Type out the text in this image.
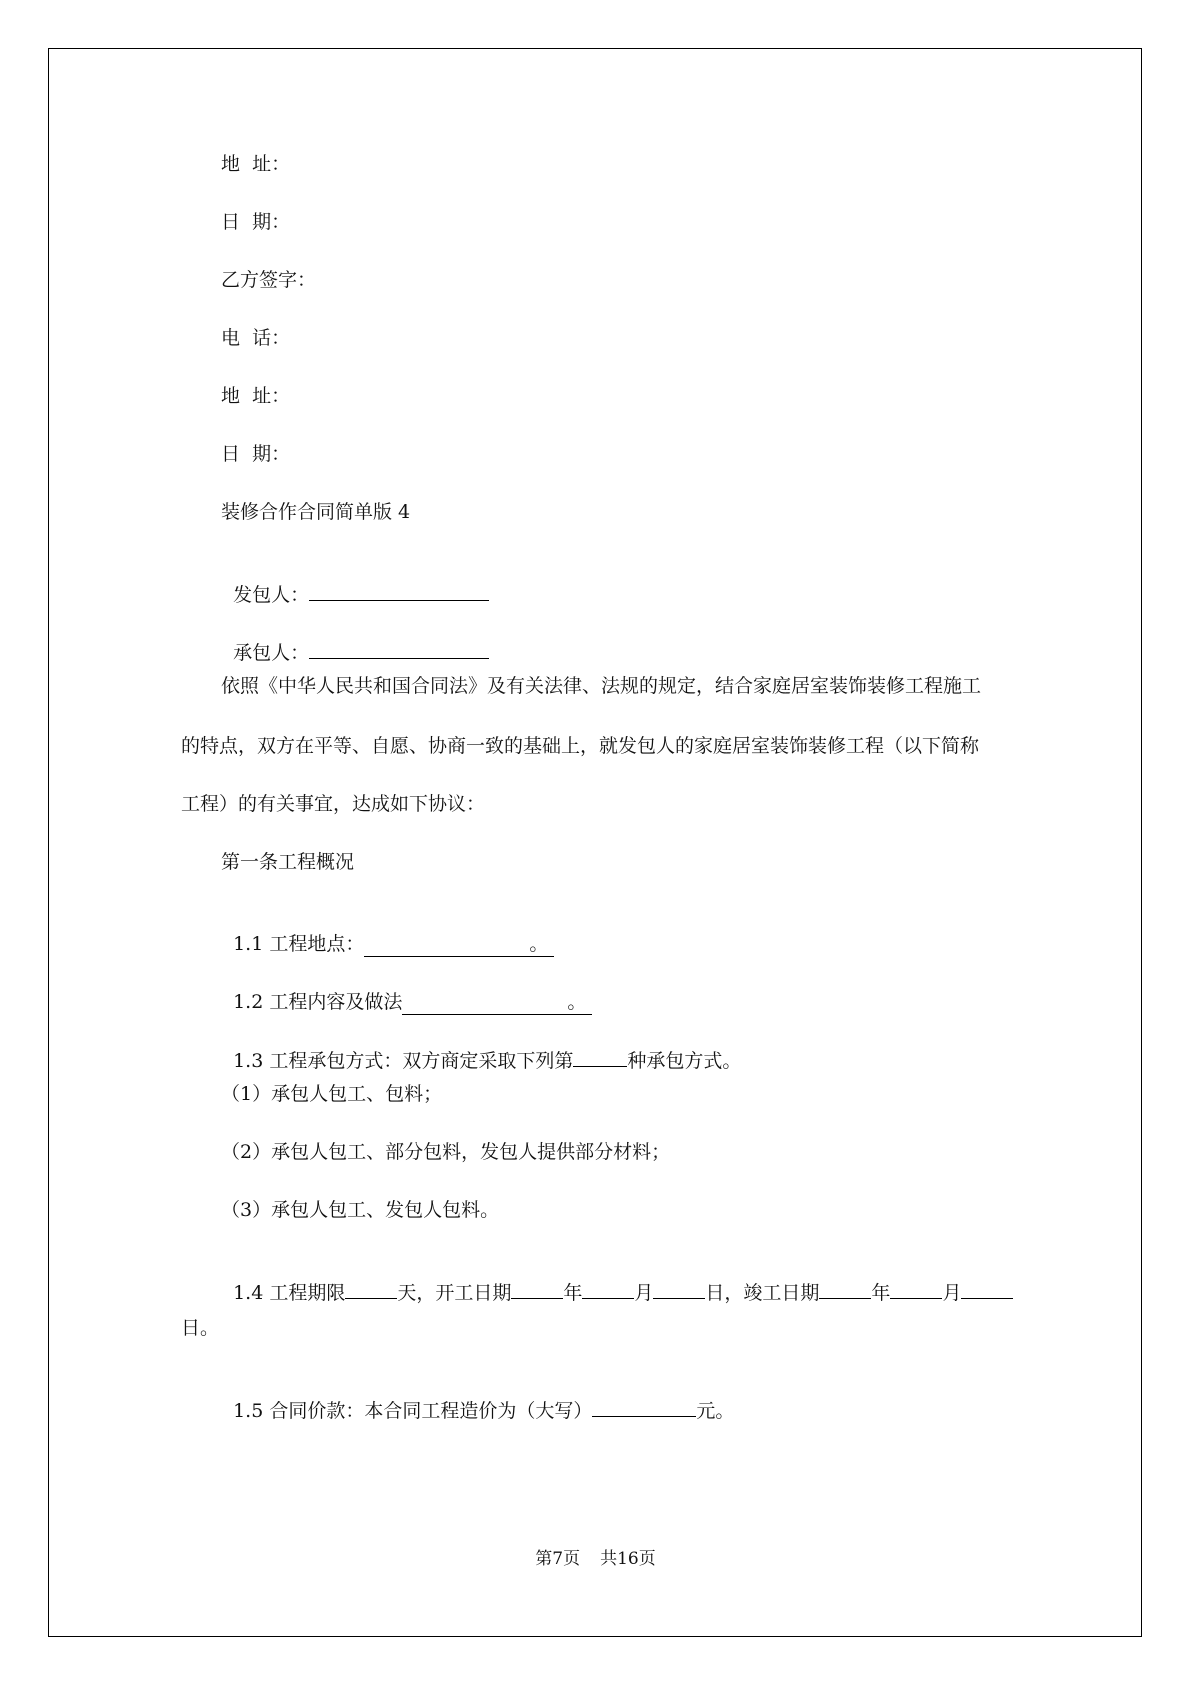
地  址：
日  期：
乙方签字：
电  话：
地  址：
日  期：
装修合作合同简单版 4

发包人：

承包人：

依照《中华人民共和国合同法》及有关法律、法规的规定，结合家庭居室装饰装修工程施工
的特点，双方在平等、自愿、协商一致的基础上，就发包人的家庭居室装饰装修工程（以下简称
工程）的有关事宜，达成如下协议：
第一条工程概况

1.1 工程地点：	。

1.2 工程内容及做法	。

1.3 工程承包方式：双方商定采取下列第	种承包方式。

（1）承包人包工、包料；
（2）承包人包工、部分包料，发包人提供部分材料；
（3）承包人包工、发包人包料。

1.4 工程期限	天，开工日期	年	月	日，竣工日期	年	月

日。

1.5 合同价款：本合同工程造价为（大写）	元。

第7页 共16页
